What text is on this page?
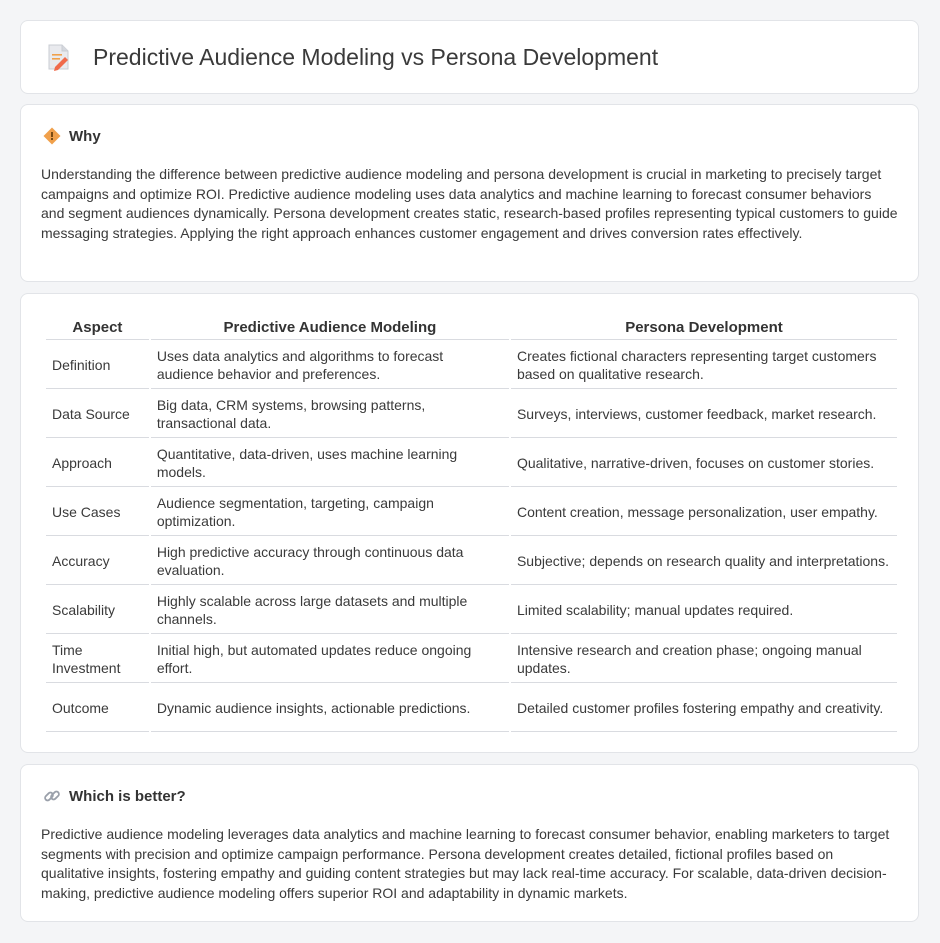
Predictive Audience Modeling vs Persona Development
Why

Understanding the difference between predictive audience modeling and persona development is crucial in marketing to precisely target campaigns and optimize ROI. Predictive audience modeling uses data analytics and machine learning to forecast consumer behaviors and segment audiences dynamically. Persona development creates static, research-based profiles representing typical customers to guide messaging strategies. Applying the right approach enhances customer engagement and drives conversion rates effectively.

Aspect	Predictive Audience Modeling	Persona Development
Definition	Uses data analytics and algorithms to forecast audience behavior and preferences.	Creates fictional characters representing target customers based on qualitative research.
Data Source	Big data, CRM systems, browsing patterns, transactional data.	Surveys, interviews, customer feedback, market research.
Approach	Quantitative, data-driven, uses machine learning models.	Qualitative, narrative-driven, focuses on customer stories.
Use Cases	Audience segmentation, targeting, campaign optimization.	Content creation, message personalization, user empathy.
Accuracy	High predictive accuracy through continuous data evaluation.	Subjective; depends on research quality and interpretations.
Scalability	Highly scalable across large datasets and multiple channels.	Limited scalability; manual updates required.
Time Investment	Initial high, but automated updates reduce ongoing effort.	Intensive research and creation phase; ongoing manual updates.
Outcome	Dynamic audience insights, actionable predictions.	Detailed customer profiles fostering empathy and creativity.
Which is better?

Predictive audience modeling leverages data analytics and machine learning to forecast consumer behavior, enabling marketers to target segments with precision and optimize campaign performance. Persona development creates detailed, fictional profiles based on qualitative insights, fostering empathy and guiding content strategies but may lack real-time accuracy. For scalable, data-driven decision-making, predictive audience modeling offers superior ROI and adaptability in dynamic markets.
